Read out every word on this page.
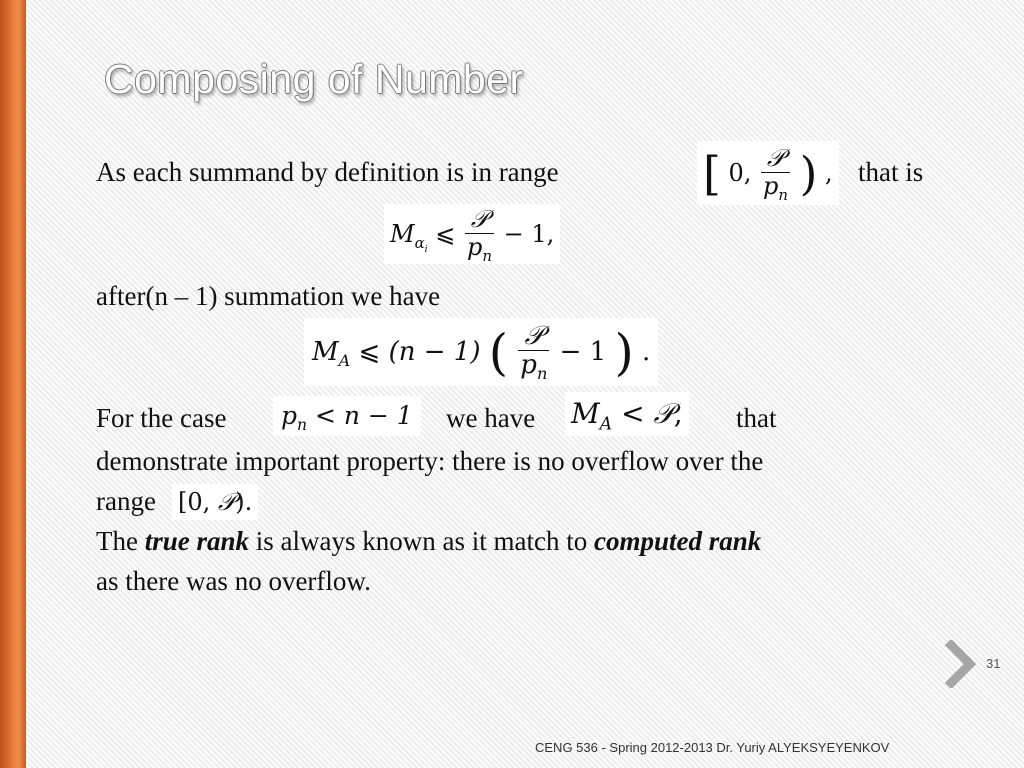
Composing of Number
As each summand by definition is in range	[ 0, $\frac{\text{𝒫}}{p_n}$ ) , that is
$M_{\alpha_i}$ ⩽ $\frac{\text{𝒫}}{p_n} - 1$,
after(n – 1) summation we have
$M_A$ ⩽ (n − 1) ( $\frac{\text{𝒫}}{p_n} - 1$ ) .
For the case	$p_n < n - 1$ we have $M_A$ < 𝒫, that
demonstrate important property: there is no overflow over the
range [0, 𝒫).
The true rank is always known as it match to computed rank
as there was no overflow.
31
CENG 536 - Spring 2012-2013 Dr. Yuriy ALYEKSYEYENKOV
